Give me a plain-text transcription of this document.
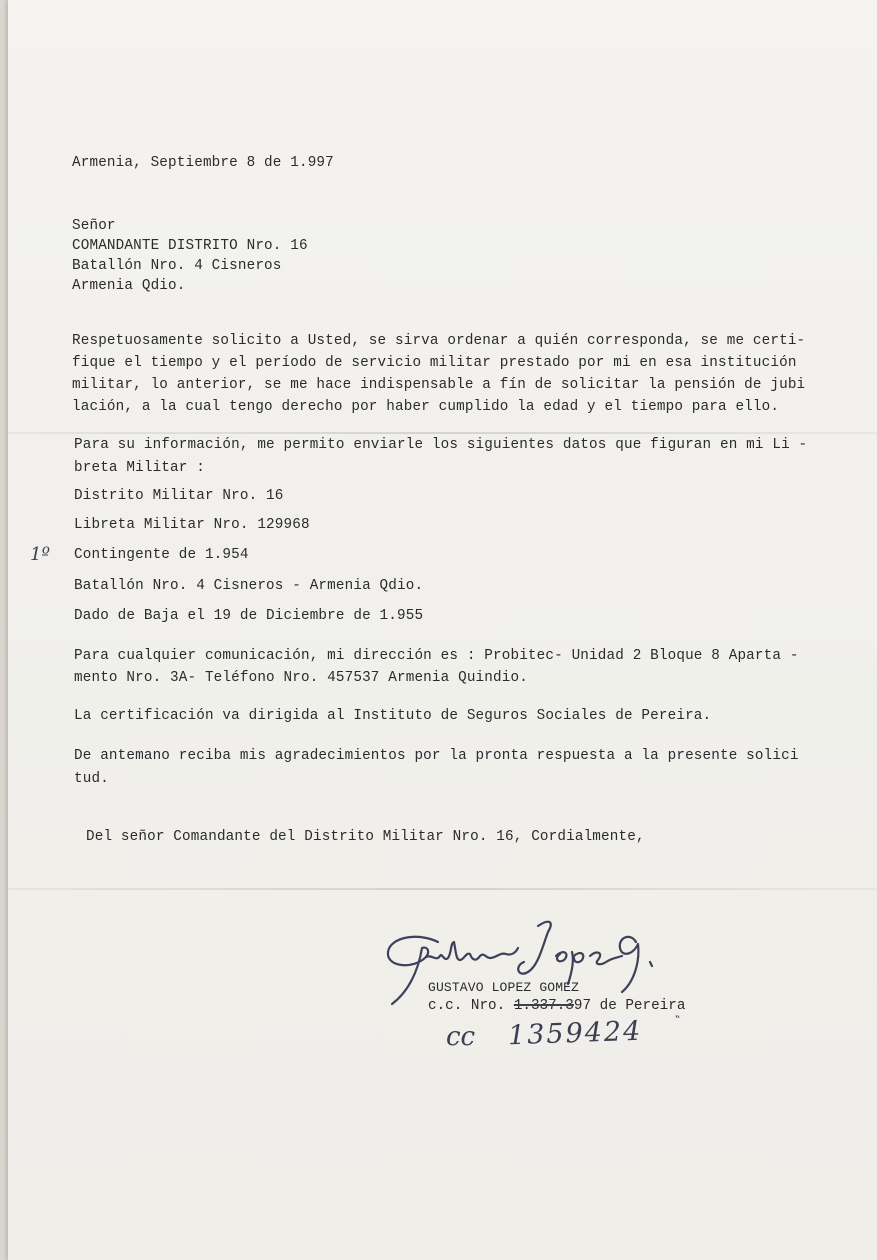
Armenia, Septiembre 8 de 1.997
Señor
COMANDANTE DISTRITO Nro. 16
Batallón Nro. 4 Cisneros
Armenia Qdio.
Respetuosamente solicito a Usted, se sirva ordenar a quién corresponda, se me certi-
fique el tiempo y el período de servicio militar prestado por mi en esa institución
militar, lo anterior, se me hace indispensable a fín de solicitar la pensión de jubi
lación, a la cual tengo derecho por haber cumplido la edad y el tiempo para ello.
Para su información, me permito enviarle los siguientes datos que figuran en mi Li -
breta Militar :
Distrito Militar Nro. 16
Libreta Militar Nro. 129968
1º Contingente de 1.954
Batallón Nro. 4 Cisneros - Armenia Qdio.
Dado de Baja el 19 de Diciembre de 1.955
Para cualquier comunicación, mi dirección es : Probitec- Unidad 2 Bloque 8 Aparta -
mento Nro. 3A- Teléfono Nro. 457537 Armenia Quindio.
La certificación va dirigida al Instituto de Seguros Sociales de Pereira.
De antemano reciba mis agradecimientos por la pronta respuesta a la presente solici
tud.
Del señor Comandante del Distrito Militar Nro. 16, Cordialmente,
GUSTAVO LOPEZ GOMEZ
c.c. Nro. 1.337.397 de Pereira
cc 1359424 ‶
